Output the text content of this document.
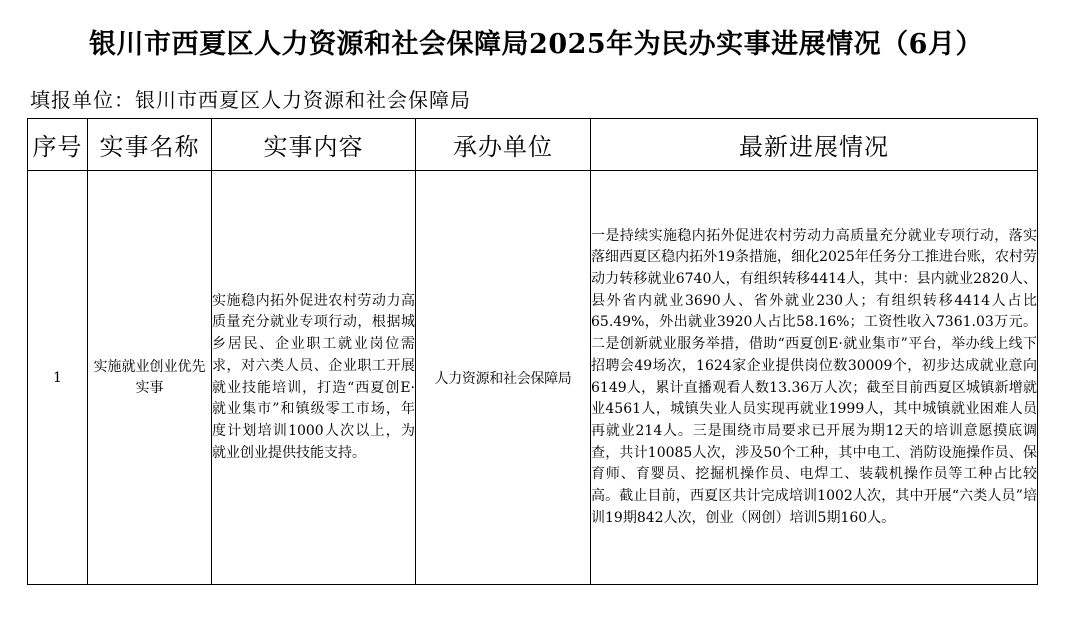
银川市西夏区人力资源和社会保障局2025年为民办实事进展情况（6月）
填报单位：银川市西夏区人力资源和社会保障局
序号	实事名称	实事内容	承办单位	最新进展情况
1	实施就业创业优先实事	实施稳内拓外促进农村劳动力高质量充分就业专项行动，根据城乡居民、企业职工就业岗位需求，对六类人员、企业职工开展就业技能培训，打造“西夏创E·就业集市”和镇级零工市场，年度计划培训1000人次以上，为就业创业提供技能支持。	人力资源和社会保障局	一是持续实施稳内拓外促进农村劳动力高质量充分就业专项行动，落实落细西夏区稳内拓外19条措施，细化2025年任务分工推进台账，农村劳动力转移就业6740人，有组织转移4414人，其中：县内就业2820人、县外省内就业3690人、省外就业230人；有组织转移4414人占比65.49%，外出就业3920人占比58.16%；工资性收入7361.03万元。二是创新就业服务举措，借助“西夏创E·就业集市”平台，举办线上线下招聘会49场次，1624家企业提供岗位数30009个，初步达成就业意向6149人，累计直播观看人数13.36万人次；截至目前西夏区城镇新增就业4561人，城镇失业人员实现再就业1999人，其中城镇就业困难人员再就业214人。三是围绕市局要求已开展为期12天的培训意愿摸底调查，共计10085人次，涉及50个工种，其中电工、消防设施操作员、保育师、育婴员、挖掘机操作员、电焊工、装载机操作员等工种占比较高。截止目前，西夏区共计完成培训1002人次，其中开展“六类人员”培训19期842人次，创业（网创）培训5期160人。
